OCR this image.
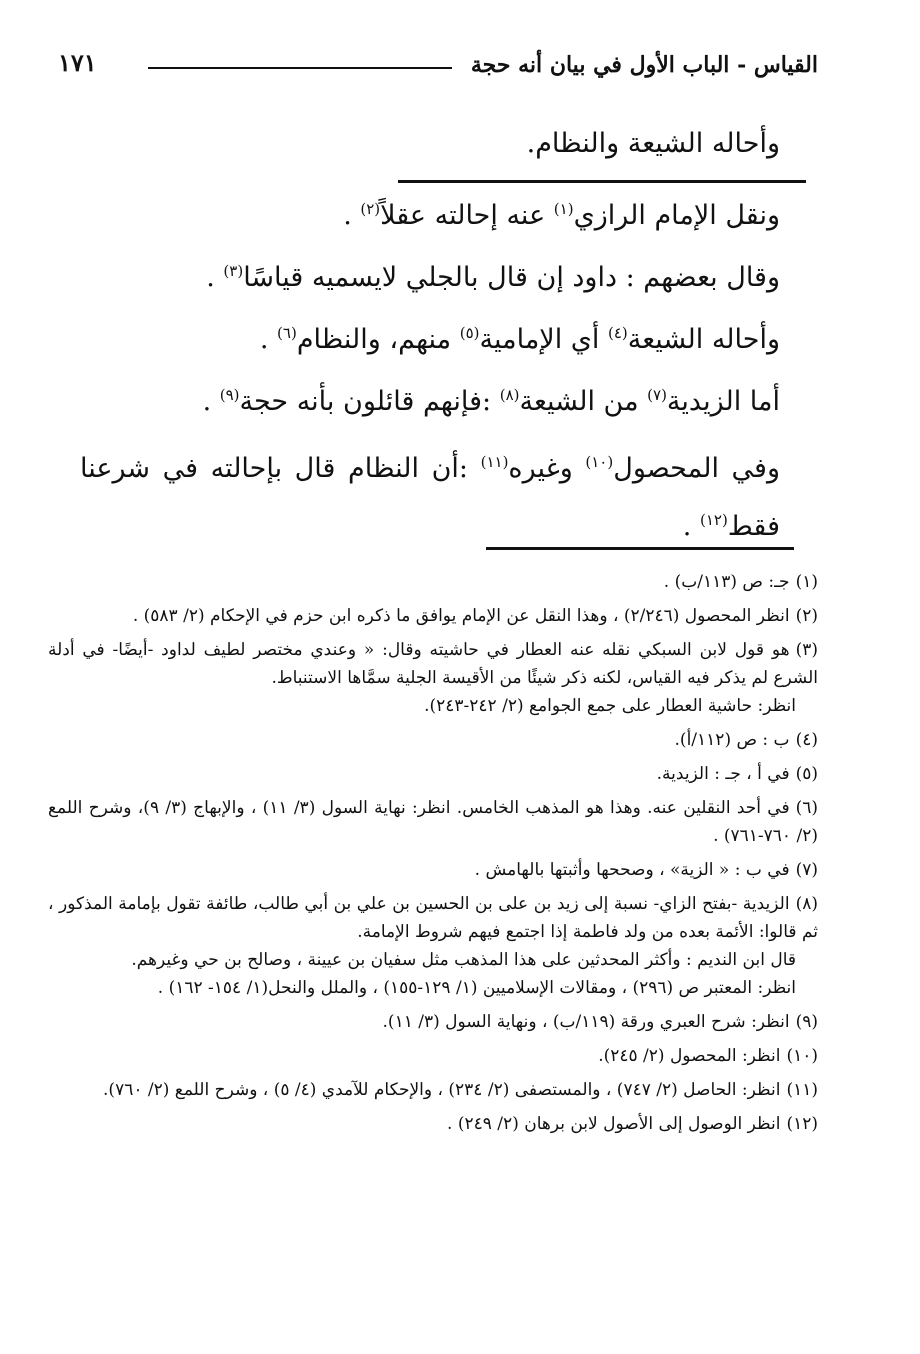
القياس - الباب الأول في بيان أنه حجة
١٧١
وأحاله الشيعة والنظام.
ونقل الإمام الرازي$^{(١)}$ عنه إحالته عقلاً$^{(٢)}$ .
وقال بعضهم : داود إن قال بالجلي لايسميه قياسًا$^{(٣)}$ .
وأحاله الشيعة$^{(٤)}$ أي الإمامية$^{(٥)}$ منهم، والنظام$^{(٦)}$ .
أما الزيدية$^{(٧)}$ من الشيعة$^{(٨)}$ :فإنهم قائلون بأنه حجة$^{(٩)}$ .
وفي المحصول$^{(١٠)}$ وغيره$^{(١١)}$ :أن النظام قال بإحالته في شرعنا فقط$^{(١٢)}$ .
(١)جـ: ص (١١٣/ب) .
(٢)انظر المحصول (٢/٢٤٦) ، وهذا النقل عن الإمام يوافق ما ذكره ابن حزم في الإحكام (٢/ ٥٨٣) .
(٣)هو قول لابن السبكي نقله عنه العطار في حاشيته وقال: « وعندي مختصر لطيف لداود -أيضًا- في أدلة الشرع لم يذكر فيه القياس، لكنه ذكر شيئًا من الأقيسة الجلية سمَّاها الاستنباط.
انظر: حاشية العطار على جمع الجوامع (٢/ ٢٤٢-٢٤٣).
(٤)ب : ص (١١٢/أ).
(٥)في أ ، جـ : الزيدية.
(٦)في أحد النقلين عنه. وهذا هو المذهب الخامس. انظر: نهاية السول (٣/ ١١) ، والإبهاج (٣/ ٩)، وشرح اللمع (٢/ ٧٦٠-٧٦١) .
(٧)في ب : « الزية» ، وصححها وأثبتها بالهامش .
(٨)الزيدية -بفتح الزاي- نسبة إلى زيد بن على بن الحسين بن علي بن أبي طالب، طائفة تقول بإمامة المذكور ، ثم قالوا: الأئمة بعده من ولد فاطمة إذا اجتمع فيهم شروط الإمامة.
قال ابن النديم : وأكثر المحدثين على هذا المذهب مثل سفيان بن عيينة ، وصالح بن حي وغيرهم.
انظر: المعتبر ص (٢٩٦) ، ومقالات الإسلاميين (١/ ١٢٩-١٥٥) ، والملل والنحل(١/ ١٥٤- ١٦٢) .
(٩)انظر: شرح العبري ورقة (١١٩/ب) ، ونهاية السول (٣/ ١١).
(١٠)انظر: المحصول (٢/ ٢٤٥).
(١١)انظر: الحاصل (٢/ ٧٤٧) ، والمستصفى (٢/ ٢٣٤) ، والإحكام للآمدي (٤/ ٥) ، وشرح اللمع (٢/ ٧٦٠).
(١٢)انظر الوصول إلى الأصول لابن برهان (٢/ ٢٤٩) .
